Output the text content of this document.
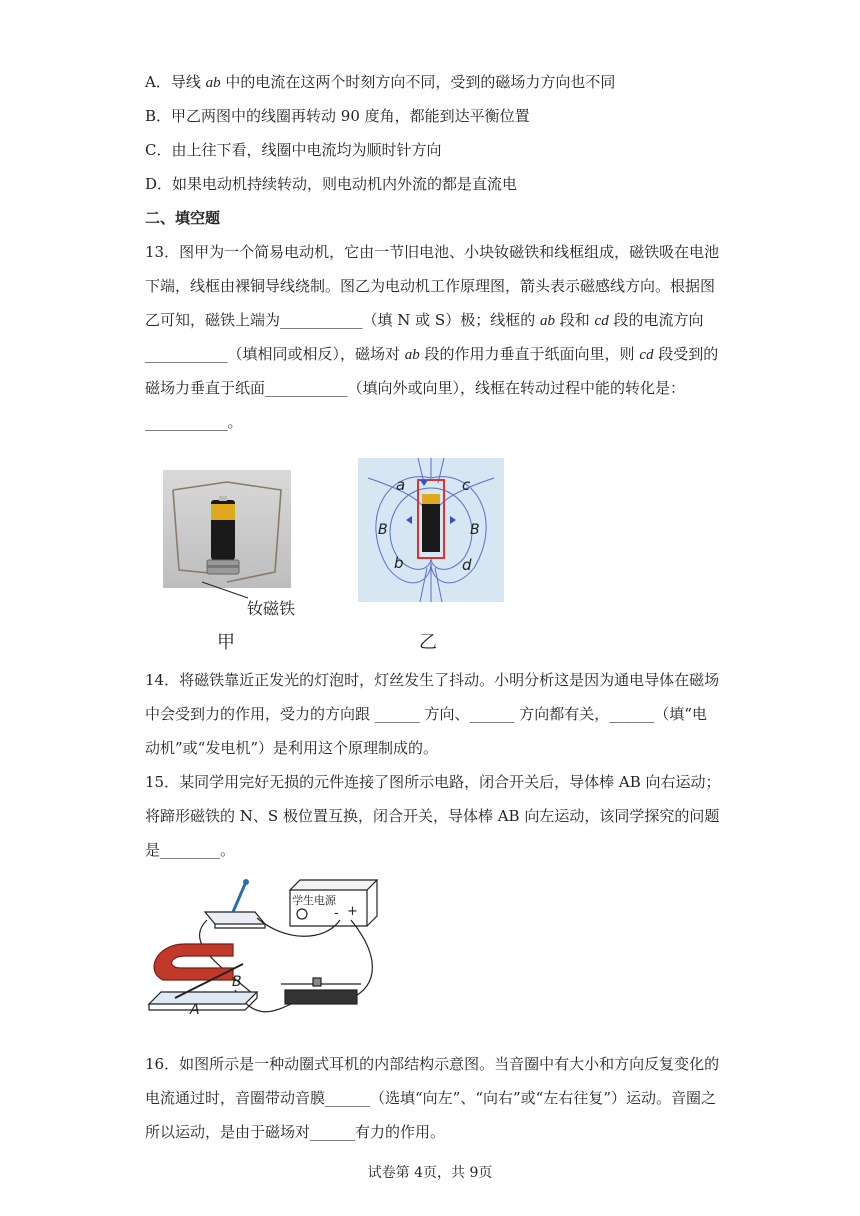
A．导线 ab 中的电流在这两个时刻方向不同，受到的磁场力方向也不同
B．甲乙两图中的线圈再转动 90 度角，都能到达平衡位置
C．由上往下看，线圈中电流均为顺时针方向
D．如果电动机持续转动，则电动机内外流的都是直流电
二、填空题
13．图甲为一个简易电动机，它由一节旧电池、小块钕磁铁和线框组成，磁铁吸在电池
下端，线框由裸铜导线绕制。图乙为电动机工作原理图，箭头表示磁感线方向。根据图
乙可知，磁铁上端为___________（填 N 或 S）极；线框的 ab 段和 cd 段的电流方向
___________（填相同或相反），磁场对 ab 段的作用力垂直于纸面向里，则 cd 段受到的
磁场力垂直于纸面___________（填向外或向里），线框在转动过程中能的转化是：
___________。
钕磁铁
甲
a	c
b	d
B	B
乙
14．将磁铁靠近正发光的灯泡时，灯丝发生了抖动。小明分析这是因为通电导体在磁场
中会受到力的作用，受力的方向跟 ______ 方向、______ 方向都有关，______（填“电
动机”或“发电机”）是利用这个原理制成的。
15．某同学用完好无损的元件连接了图所示电路，闭合开关后，导体棒 AB 向右运动；
将蹄形磁铁的 N、S 极位置互换，闭合开关，导体棒 AB 向左运动，该同学探究的问题
是________。
学生电源
- +
B
A
16．如图所示是一种动圈式耳机的内部结构示意图。当音圈中有大小和方向反复变化的
电流通过时，音圈带动音膜______（选填“向左”、“向右”或“左右往复”）运动。音圈之
所以运动，是由于磁场对______有力的作用。
试卷第 4页，共 9页
